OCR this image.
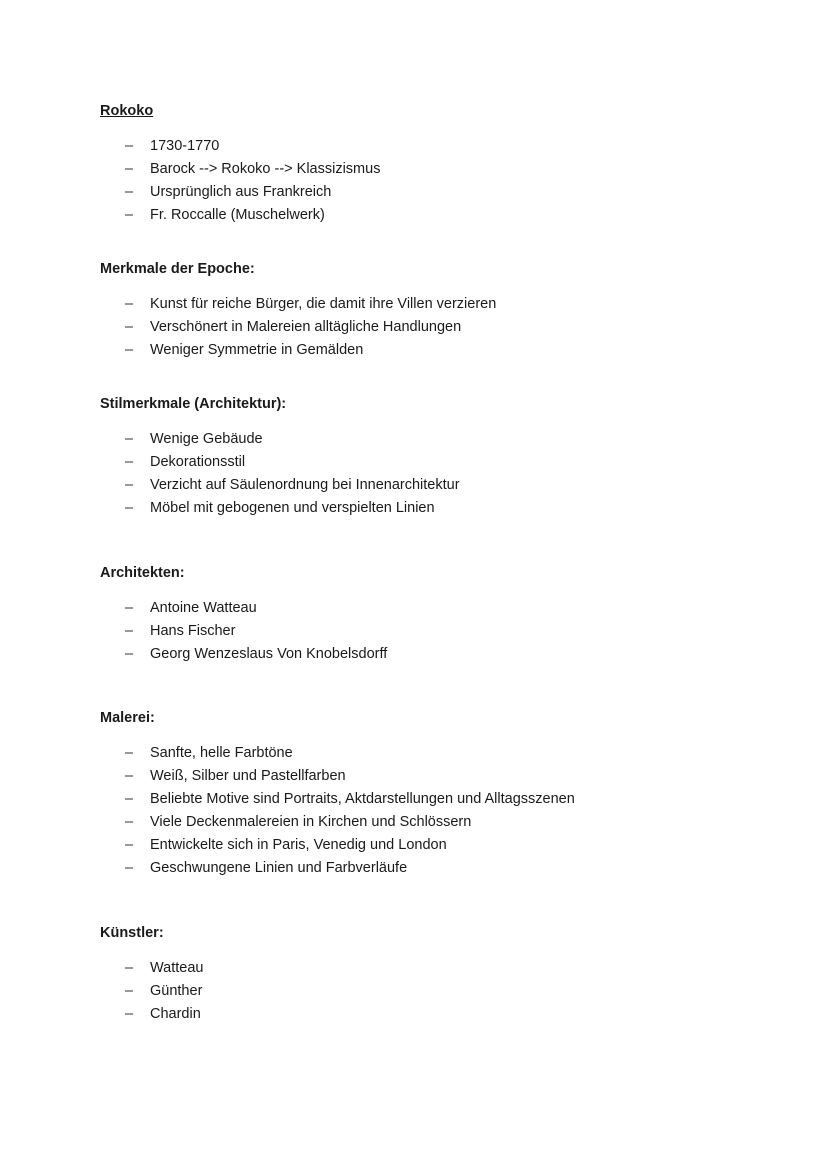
Rokoko
– 1730-1770
– Barock --> Rokoko --> Klassizismus
– Ursprünglich aus Frankreich
– Fr. Roccalle (Muschelwerk)
Merkmale der Epoche:
– Kunst für reiche Bürger, die damit ihre Villen verzieren
– Verschönert in Malereien alltägliche Handlungen
– Weniger Symmetrie in Gemälden
Stilmerkmale (Architektur):
– Wenige Gebäude
– Dekorationsstil
– Verzicht auf Säulenordnung bei Innenarchitektur
– Möbel mit gebogenen und verspielten Linien
Architekten:
– Antoine Watteau
– Hans Fischer
– Georg Wenzeslaus Von Knobelsdorff
Malerei:
– Sanfte, helle Farbtöne
– Weiß, Silber und Pastellfarben
– Beliebte Motive sind Portraits, Aktdarstellungen und Alltagsszenen
– Viele Deckenmalereien in Kirchen und Schlössern
– Entwickelte sich in Paris, Venedig und London
– Geschwungene Linien und Farbverläufe
Künstler:
– Watteau
– Günther
– Chardin
